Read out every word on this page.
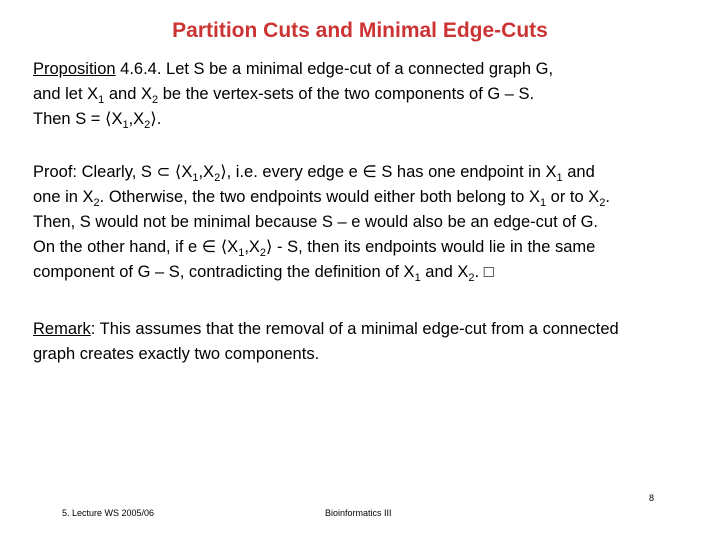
Partition Cuts and Minimal Edge-Cuts
Proposition 4.6.4. Let S be a minimal edge-cut of a connected graph G,
and let $X_1$ and $X_2$ be the vertex-sets of the two components of G – S.
Then $S = ⟨X_1,X_2⟩$.
Proof: Clearly, S ⊂ $⟨X_1,X_2⟩$, i.e. every edge e ∈ S has one endpoint in $X_1$ and
one in $X_2$. Otherwise, the two endpoints would either both belong to $X_1$ or to $X_2$.
Then, S would not be minimal because S – e would also be an edge-cut of G.
On the other hand, if e ∈ $⟨X_1,X_2⟩$ - S, then its endpoints would lie in the same
component of G – S, contradicting the definition of $X_1$ and $X_2$. □
Remark: This assumes that the removal of a minimal edge-cut from a connected
graph creates exactly two components.
8
5. Lecture WS 2005/06	Bioinformatics III
